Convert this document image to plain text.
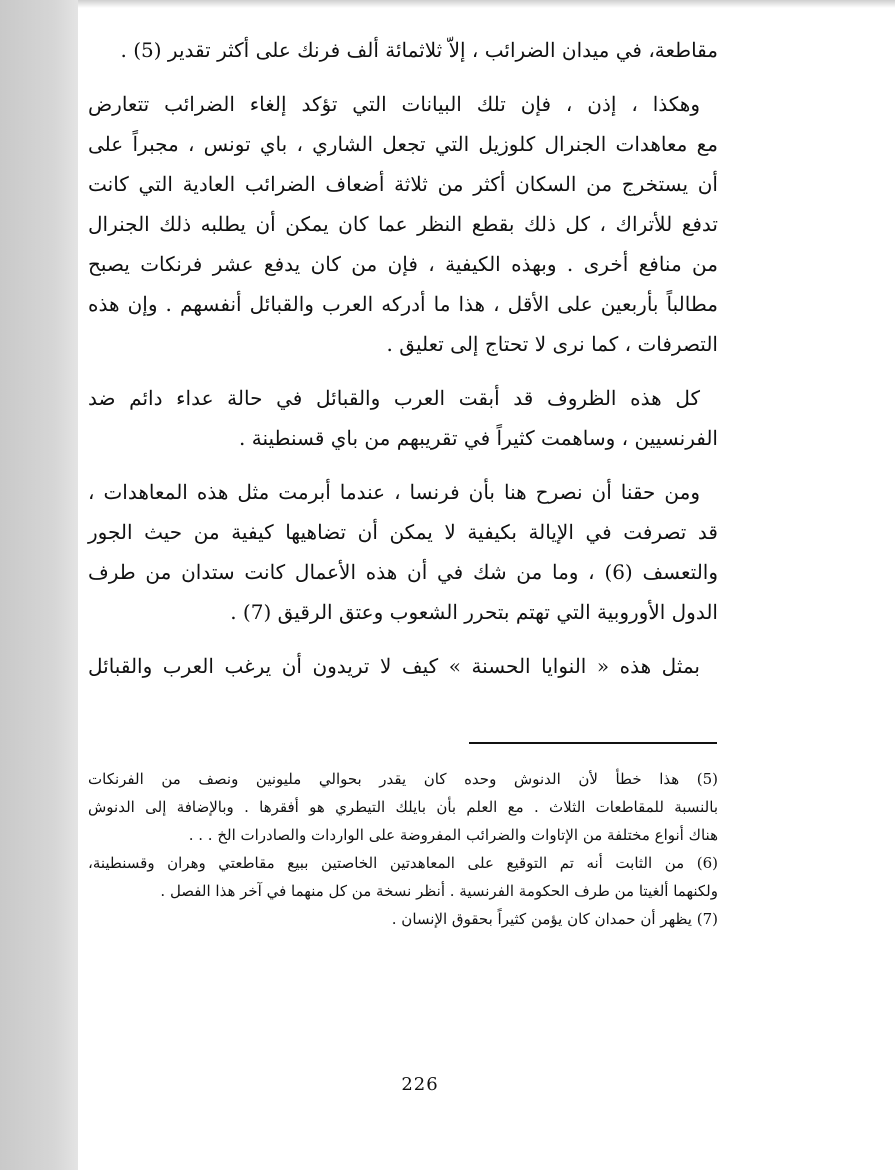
مقاطعة، في ميدان الضرائب ، إلاّ ثلاثمائة ألف فرنك على أكثر تقدير (5) .
وهكذا ، إذن ، فإن تلك البيانات التي تؤكد إلغاء الضرائب تتعارض
مع معاهدات الجنرال كلوزيل التي تجعل الشاري ، باي تونس ، مجبراً على
أن يستخرج من السكان أكثر من ثلاثة أضعاف الضرائب العادية التي كانت
تدفع للأتراك ، كل ذلك بقطع النظر عما كان يمكن أن يطلبه ذلك الجنرال
من منافع أخرى . وبهذه الكيفية ، فإن من كان يدفع عشر فرنكات يصبح
مطالباً بأربعين على الأقل ، هذا ما أدركه العرب والقبائل أنفسهم . وإن هذه
التصرفات ، كما نرى لا تحتاج إلى تعليق .
كل هذه الظروف قد أبقت العرب والقبائل في حالة عداء دائم ضد
الفرنسيين ، وساهمت كثيراً في تقريبهم من باي قسنطينة .
ومن حقنا أن نصرح هنا بأن فرنسا ، عندما أبرمت مثل هذه المعاهدات ،
قد تصرفت في الإيالة بكيفية لا يمكن أن تضاهيها كيفية من حيث الجور
والتعسف (6) ، وما من شك في أن هذه الأعمال كانت ستدان من طرف
الدول الأوروبية التي تهتم بتحرر الشعوب وعتق الرقيق (7) .
بمثل هذه « النوايا الحسنة » كيف لا تريدون أن يرغب العرب والقبائل
(5) هذا خطأ لأن الدنوش وحده كان يقدر بحوالي مليونين ونصف من الفرنكات
بالنسبة للمقاطعات الثلاث . مع العلم بأن بايلك التيطري هو أفقرها . وبالإضافة إلى الدنوش
هناك أنواع مختلفة من الإتاوات والضرائب المفروضة على الواردات والصادرات الخ . . .
(6) من الثابت أنه تم التوقيع على المعاهدتين الخاصتين ببيع مقاطعتي وهران وقسنطينة،
ولكنهما ألغيتا من طرف الحكومة الفرنسية . أنظر نسخة من كل منهما في آخر هذا الفصل .
(7) يظهر أن حمدان كان يؤمن كثيراً بحقوق الإنسان .
226
